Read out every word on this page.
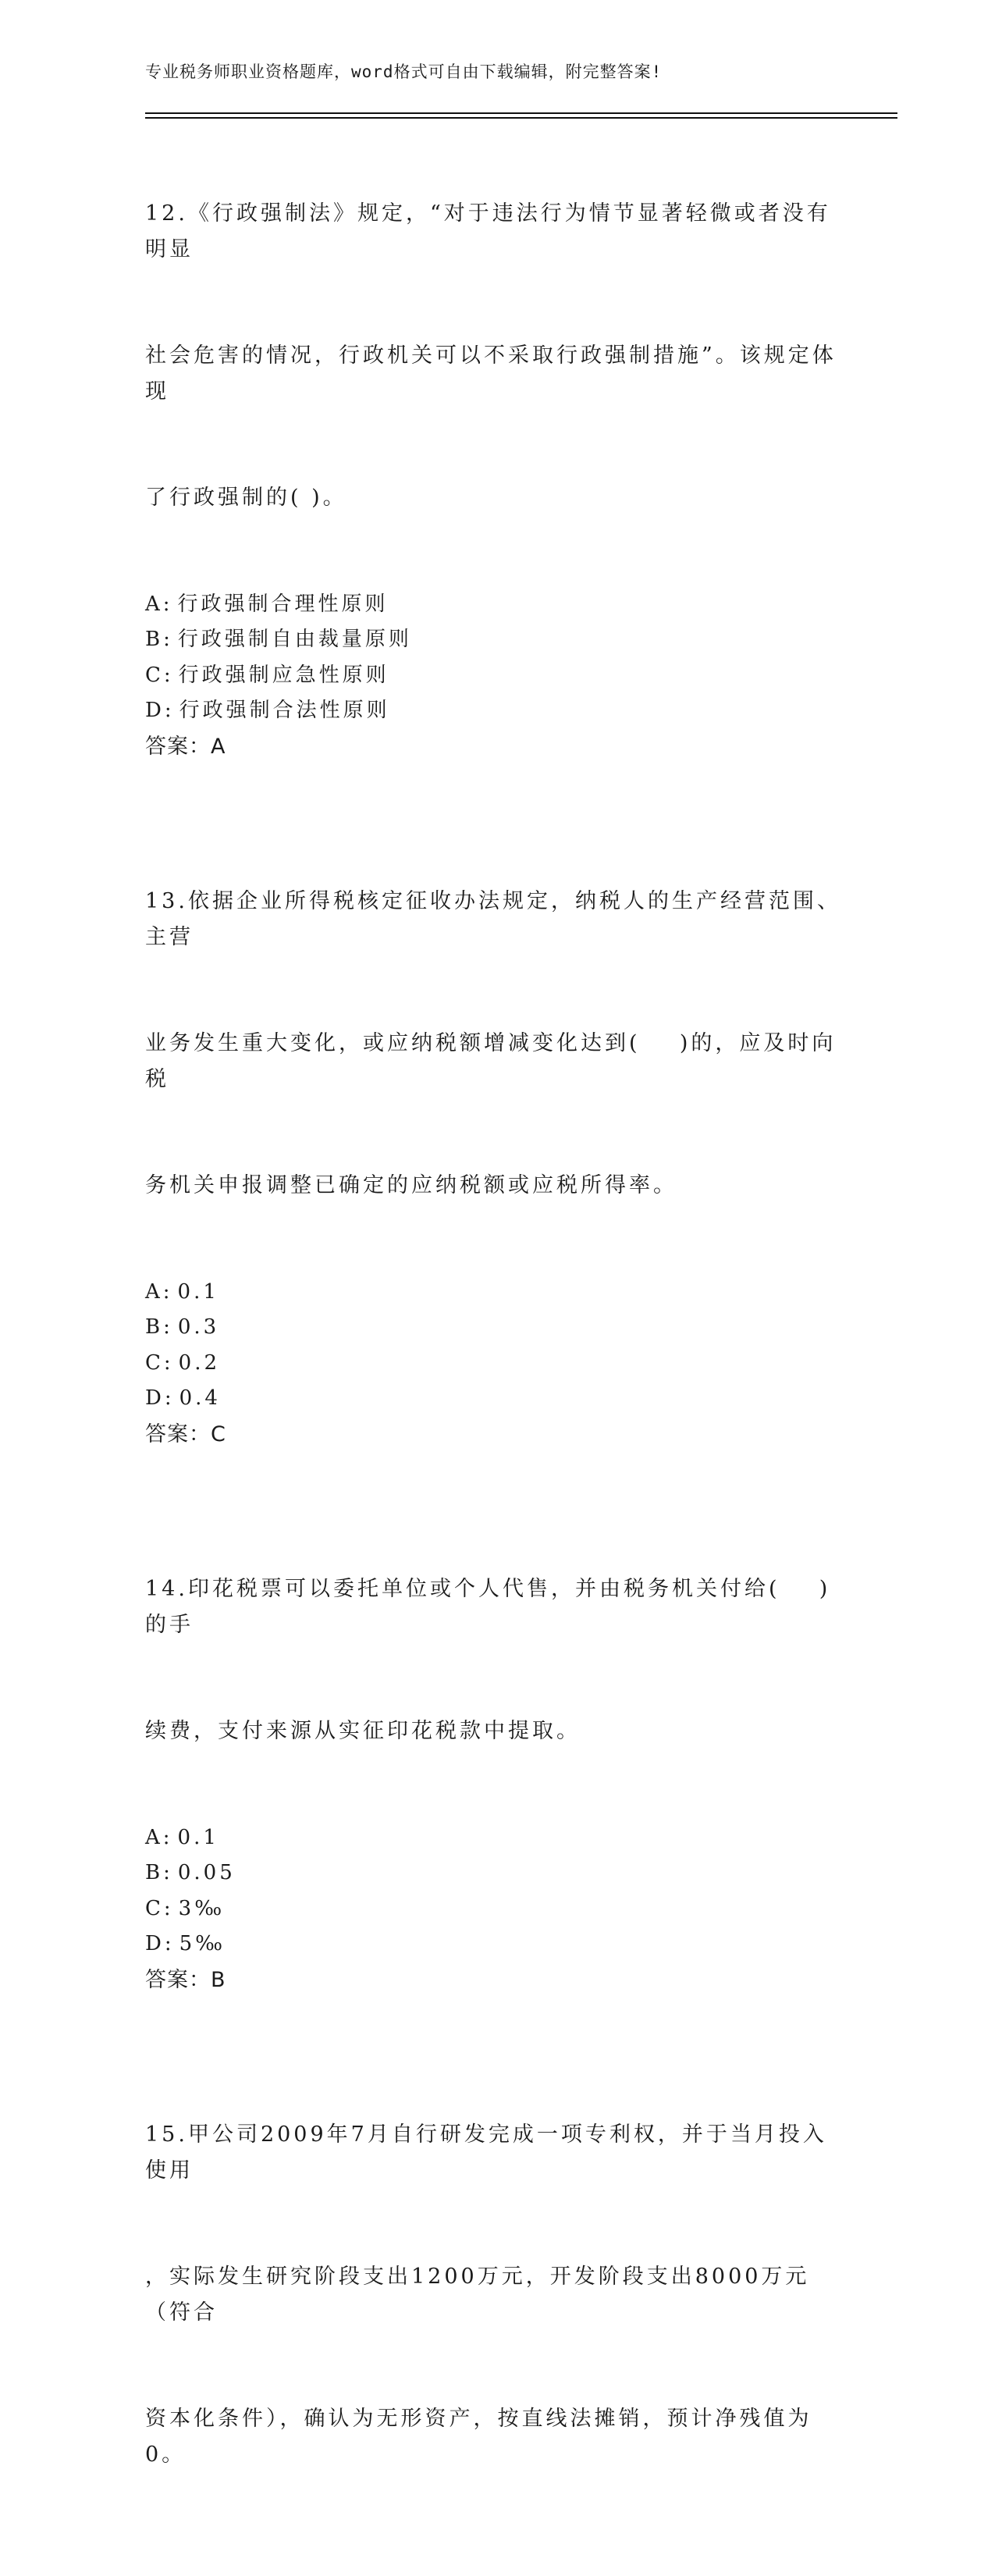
专业税务师职业资格题库，word格式可自由下载编辑，附完整答案!

12.《行政强制法》规定，“对于违法行为情节显著轻微或者没有明显

社会危害的情况，行政机关可以不采取行政强制措施”。该规定体现

了行政强制的( )。

A: 行政强制合理性原则
B: 行政强制自由裁量原则
C: 行政强制应急性原则
D: 行政强制合法性原则
答案：A

13.依据企业所得税核定征收办法规定，纳税人的生产经营范围、主营

业务发生重大变化，或应纳税额增减变化达到(    )的，应及时向税

务机关申报调整已确定的应纳税额或应税所得率。

A: 0.1
B: 0.3
C: 0.2
D: 0.4
答案：C

14.印花税票可以委托单位或个人代售，并由税务机关付给(    )的手

续费，支付来源从实征印花税款中提取。

A: 0.1
B: 0.05
C: 3‰
D: 5‰
答案：B

15.甲公司2009年7月自行研发完成一项专利权，并于当月投入使用

，实际发生研究阶段支出1200万元，开发阶段支出8000万元（符合

资本化条件），确认为无形资产，按直线法摊销，预计净残值为0。
